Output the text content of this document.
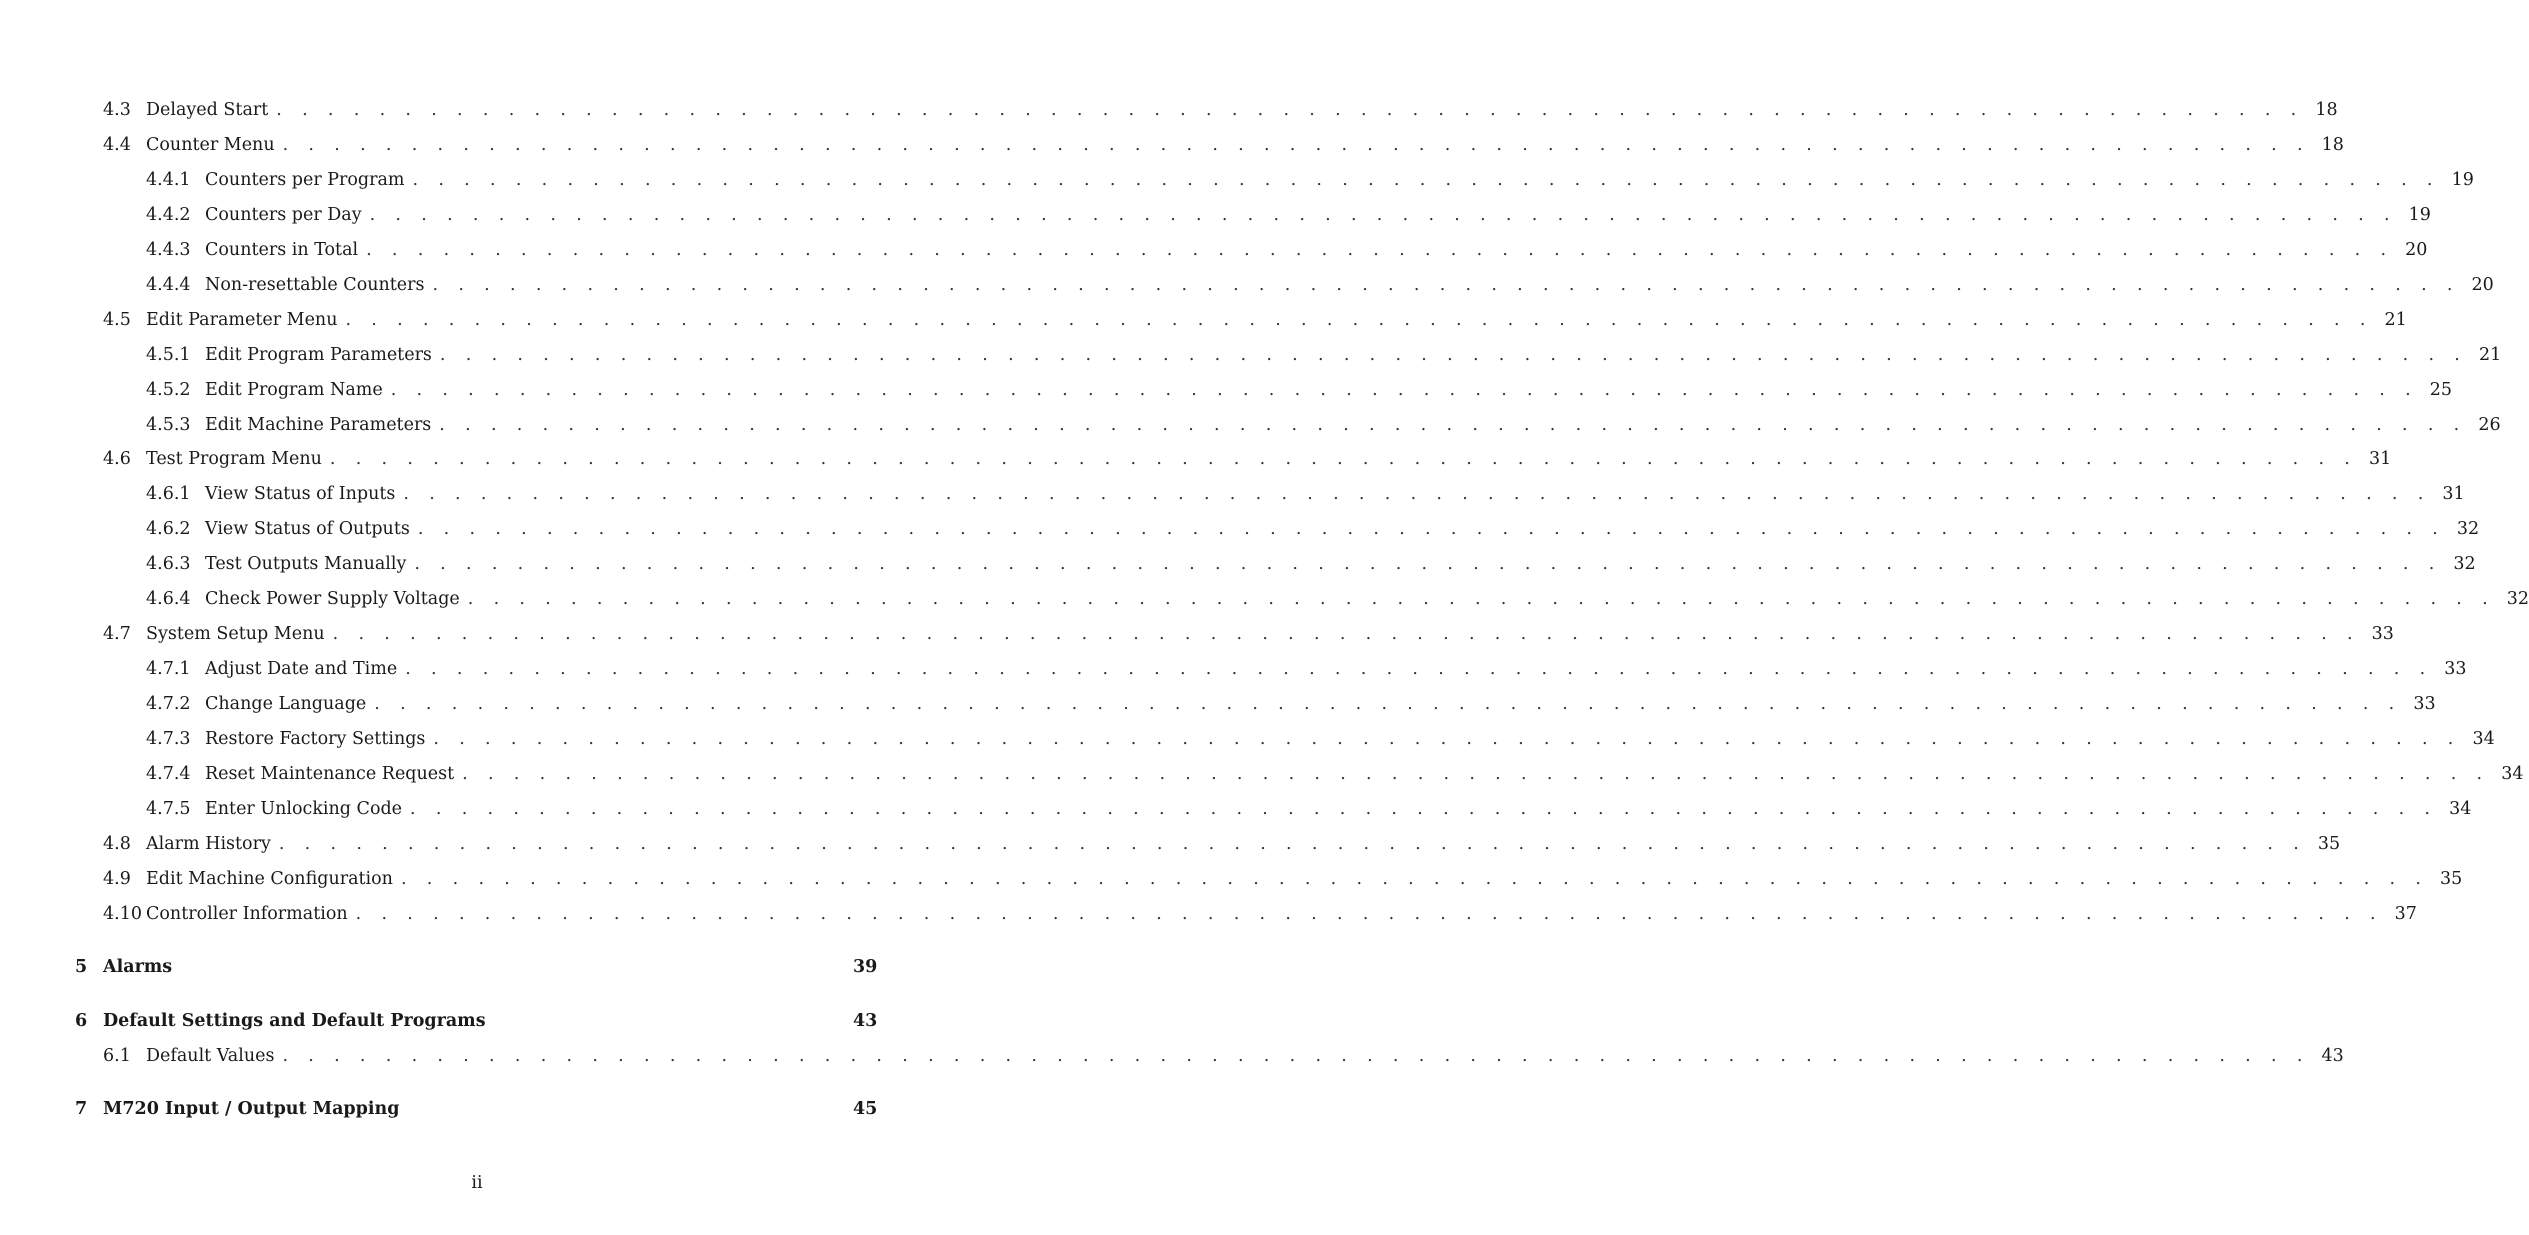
4.3 Delayed Start . . . . . . . . . . . . . . . . . . . . . . . . . . . . . . . . . . . . . . . . . . . . . . . . . . . . . . . . . . . . . . . . . . . . . . . . . . . . . . . 18
4.4 Counter Menu . . . . . . . . . . . . . . . . . . . . . . . . . . . . . . . . . . . . . . . . . . . . . . . . . . . . . . . . . . . . . . . . . . . . . . . . . . . . . . . 18
4.4.1 Counters per Program . . . . . . . . . . . . . . . . . . . . . . . . . . . . . . . . . . . . . . . . . . . . . . . . . . . . . . . . . . . . . . . . . . . . . . . . . . . . . . . 19
4.4.2 Counters per Day . . . . . . . . . . . . . . . . . . . . . . . . . . . . . . . . . . . . . . . . . . . . . . . . . . . . . . . . . . . . . . . . . . . . . . . . . . . . . . . 19
4.4.3 Counters in Total . . . . . . . . . . . . . . . . . . . . . . . . . . . . . . . . . . . . . . . . . . . . . . . . . . . . . . . . . . . . . . . . . . . . . . . . . . . . . . . 20
4.4.4 Non-resettable Counters . . . . . . . . . . . . . . . . . . . . . . . . . . . . . . . . . . . . . . . . . . . . . . . . . . . . . . . . . . . . . . . . . . . . . . . . . . . . . . . 20
4.5 Edit Parameter Menu . . . . . . . . . . . . . . . . . . . . . . . . . . . . . . . . . . . . . . . . . . . . . . . . . . . . . . . . . . . . . . . . . . . . . . . . . . . . . . . 21
4.5.1 Edit Program Parameters . . . . . . . . . . . . . . . . . . . . . . . . . . . . . . . . . . . . . . . . . . . . . . . . . . . . . . . . . . . . . . . . . . . . . . . . . . . . . . . 21
4.5.2 Edit Program Name . . . . . . . . . . . . . . . . . . . . . . . . . . . . . . . . . . . . . . . . . . . . . . . . . . . . . . . . . . . . . . . . . . . . . . . . . . . . . . . 25
4.5.3 Edit Machine Parameters . . . . . . . . . . . . . . . . . . . . . . . . . . . . . . . . . . . . . . . . . . . . . . . . . . . . . . . . . . . . . . . . . . . . . . . . . . . . . . . 26
4.6 Test Program Menu . . . . . . . . . . . . . . . . . . . . . . . . . . . . . . . . . . . . . . . . . . . . . . . . . . . . . . . . . . . . . . . . . . . . . . . . . . . . . . . 31
4.6.1 View Status of Inputs . . . . . . . . . . . . . . . . . . . . . . . . . . . . . . . . . . . . . . . . . . . . . . . . . . . . . . . . . . . . . . . . . . . . . . . . . . . . . . . 31
4.6.2 View Status of Outputs . . . . . . . . . . . . . . . . . . . . . . . . . . . . . . . . . . . . . . . . . . . . . . . . . . . . . . . . . . . . . . . . . . . . . . . . . . . . . . . 32
4.6.3 Test Outputs Manually . . . . . . . . . . . . . . . . . . . . . . . . . . . . . . . . . . . . . . . . . . . . . . . . . . . . . . . . . . . . . . . . . . . . . . . . . . . . . . . 32
4.6.4 Check Power Supply Voltage . . . . . . . . . . . . . . . . . . . . . . . . . . . . . . . . . . . . . . . . . . . . . . . . . . . . . . . . . . . . . . . . . . . . . . . . . . . . . . . 32
4.7 System Setup Menu . . . . . . . . . . . . . . . . . . . . . . . . . . . . . . . . . . . . . . . . . . . . . . . . . . . . . . . . . . . . . . . . . . . . . . . . . . . . . . . 33
4.7.1 Adjust Date and Time . . . . . . . . . . . . . . . . . . . . . . . . . . . . . . . . . . . . . . . . . . . . . . . . . . . . . . . . . . . . . . . . . . . . . . . . . . . . . . . 33
4.7.2 Change Language . . . . . . . . . . . . . . . . . . . . . . . . . . . . . . . . . . . . . . . . . . . . . . . . . . . . . . . . . . . . . . . . . . . . . . . . . . . . . . . 33
4.7.3 Restore Factory Settings . . . . . . . . . . . . . . . . . . . . . . . . . . . . . . . . . . . . . . . . . . . . . . . . . . . . . . . . . . . . . . . . . . . . . . . . . . . . . . . 34
4.7.4 Reset Maintenance Request . . . . . . . . . . . . . . . . . . . . . . . . . . . . . . . . . . . . . . . . . . . . . . . . . . . . . . . . . . . . . . . . . . . . . . . . . . . . . . . 34
4.7.5 Enter Unlocking Code . . . . . . . . . . . . . . . . . . . . . . . . . . . . . . . . . . . . . . . . . . . . . . . . . . . . . . . . . . . . . . . . . . . . . . . . . . . . . . . 34
4.8 Alarm History . . . . . . . . . . . . . . . . . . . . . . . . . . . . . . . . . . . . . . . . . . . . . . . . . . . . . . . . . . . . . . . . . . . . . . . . . . . . . . . 35
4.9 Edit Machine Configuration . . . . . . . . . . . . . . . . . . . . . . . . . . . . . . . . . . . . . . . . . . . . . . . . . . . . . . . . . . . . . . . . . . . . . . . . . . . . . . . 35
4.10 Controller Information . . . . . . . . . . . . . . . . . . . . . . . . . . . . . . . . . . . . . . . . . . . . . . . . . . . . . . . . . . . . . . . . . . . . . . . . . . . . . . . 37
5 Alarms	39
6 Default Settings and Default Programs	43
6.1 Default Values . . . . . . . . . . . . . . . . . . . . . . . . . . . . . . . . . . . . . . . . . . . . . . . . . . . . . . . . . . . . . . . . . . . . . . . . . . . . . . . 43
7 M720 Input / Output Mapping	45
ii
